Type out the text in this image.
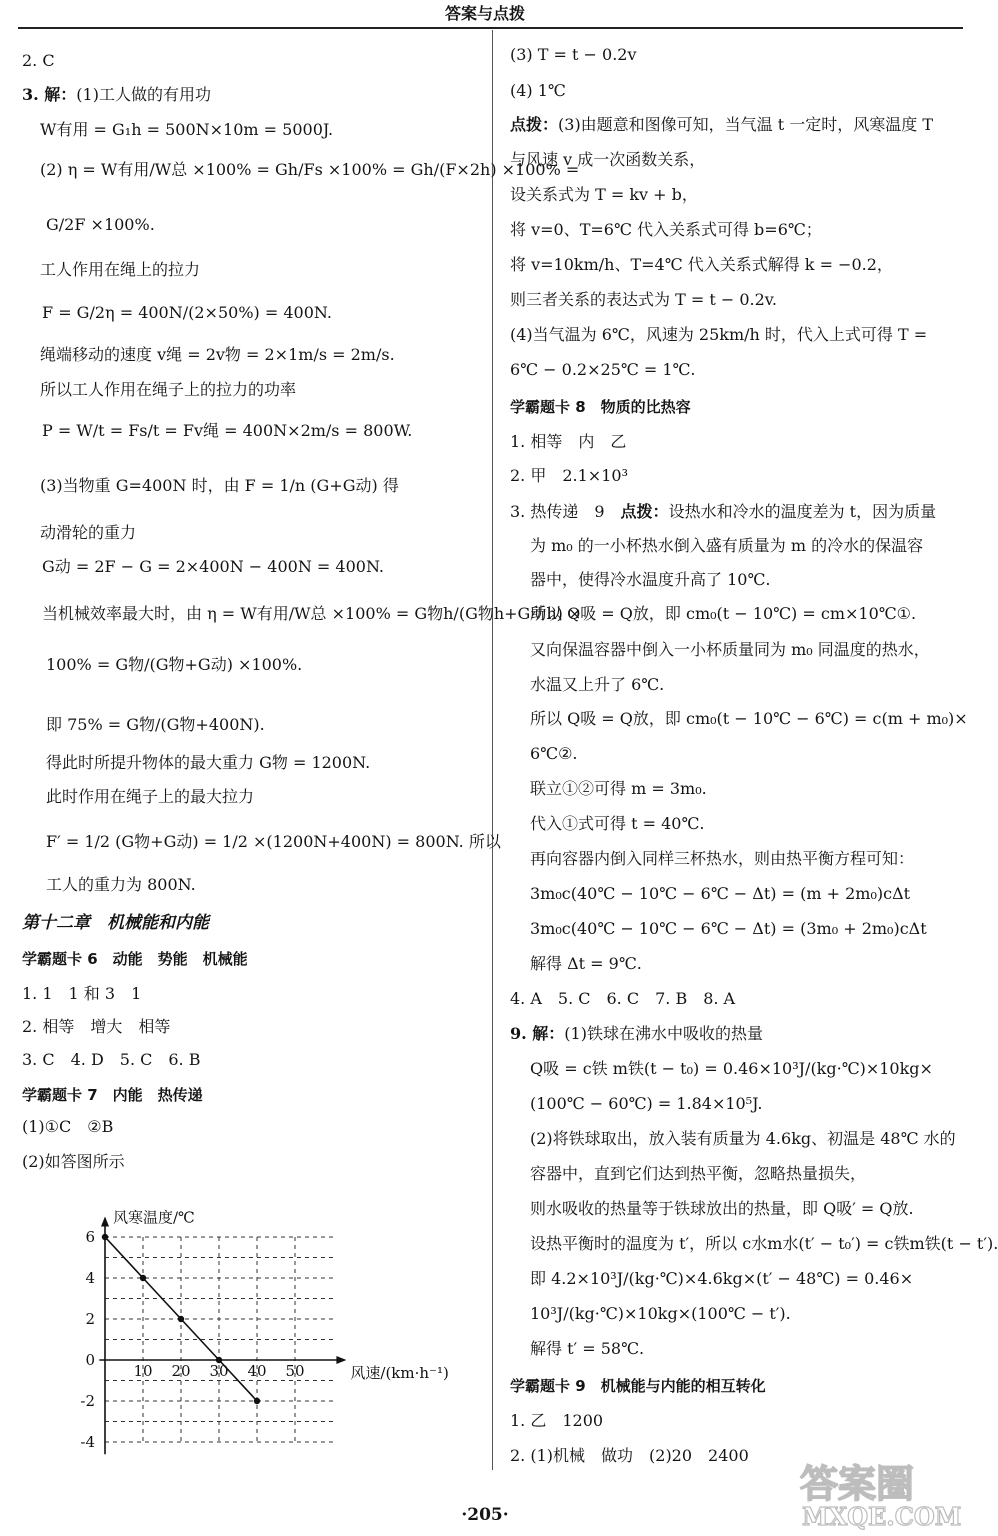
答案与点拨
2. C
3. 解：(1)工人做的有用功
W有用 = G₁h = 500N×10m = 5000J.
(2) η = W有用/W总 ×100% = Gh/Fs ×100% = Gh/(F×2h) ×100% =
G/2F ×100%.
工人作用在绳上的拉力
F = G/2η = 400N/(2×50%) = 400N.
绳端移动的速度 v绳 = 2v物 = 2×1m/s = 2m/s.
所以工人作用在绳子上的拉力的功率
P = W/t = Fs/t = Fv绳 = 400N×2m/s = 800W.
(3)当物重 G=400N 时，由 F = 1/n (G+G动) 得
动滑轮的重力
G动 = 2F − G = 2×400N − 400N = 400N.
当机械效率最大时，由 η = W有用/W总 ×100% = G物h/(G物h+G动h) ×
100% = G物/(G物+G动) ×100%.
即 75% = G物/(G物+400N).
得此时所提升物体的最大重力 G物 = 1200N.
此时作用在绳子上的最大拉力
F′ = 1/2 (G物+G动) = 1/2 ×(1200N+400N) = 800N. 所以
工人的重力为 800N.
第十二章　机械能和内能
学霸题卡 6　动能　势能　机械能
1. 1　1 和 3　1
2. 相等　增大　相等
3. C　4. D　5. C　6. B
学霸题卡 7　内能　热传递
(1)①C　②B
(2)如答图所示
10 20 30 40 50
6
4
2
0
-2
-4
风寒温度/℃
风速/(km·h⁻¹)
(3) T = t − 0.2v
(4) 1℃
点拨：(3)由题意和图像可知，当气温 t 一定时，风寒温度 T
与风速 v 成一次函数关系，
设关系式为 T = kv + b，
将 v=0、T=6℃ 代入关系式可得 b=6℃；
将 v=10km/h、T=4℃ 代入关系式解得 k = −0.2，
则三者关系的表达式为 T = t − 0.2v.
(4)当气温为 6℃，风速为 25km/h 时，代入上式可得 T =
6℃ − 0.2×25℃ = 1℃.
学霸题卡 8　物质的比热容
1. 相等　内　乙
2. 甲　2.1×10³
3. 热传递　9　点拨：设热水和冷水的温度差为 t，因为质量
为 m₀ 的一小杯热水倒入盛有质量为 m 的冷水的保温容
器中，使得冷水温度升高了 10℃.
所以 Q吸 = Q放，即 cm₀(t − 10℃) = cm×10℃①.
又向保温容器中倒入一小杯质量同为 m₀ 同温度的热水，
水温又上升了 6℃.
所以 Q吸 = Q放，即 cm₀(t − 10℃ − 6℃) = c(m + m₀)×
6℃②.
联立①②可得 m = 3m₀.
代入①式可得 t = 40℃.
再向容器内倒入同样三杯热水，则由热平衡方程可知：
3m₀c(40℃ − 10℃ − 6℃ − Δt) = (m + 2m₀)cΔt
3m₀c(40℃ − 10℃ − 6℃ − Δt) = (3m₀ + 2m₀)cΔt
解得 Δt = 9℃.
4. A　5. C　6. C　7. B　8. A
9. 解：(1)铁球在沸水中吸收的热量
Q吸 = c铁 m铁(t − t₀) = 0.46×10³J/(kg·℃)×10kg×
(100℃ − 60℃) = 1.84×10⁵J.
(2)将铁球取出，放入装有质量为 4.6kg、初温是 48℃ 水的
容器中，直到它们达到热平衡，忽略热量损失，
则水吸收的热量等于铁球放出的热量，即 Q吸′ = Q放.
设热平衡时的温度为 t′，所以 c水m水(t′ − t₀′) = c铁m铁(t − t′).
即 4.2×10³J/(kg·℃)×4.6kg×(t′ − 48℃) = 0.46×
10³J/(kg·℃)×10kg×(100℃ − t′).
解得 t′ = 58℃.
学霸题卡 9　机械能与内能的相互转化
1. 乙　1200
2. (1)机械　做功　(2)20　2400
·205·
答案圈
MXQE.COM
